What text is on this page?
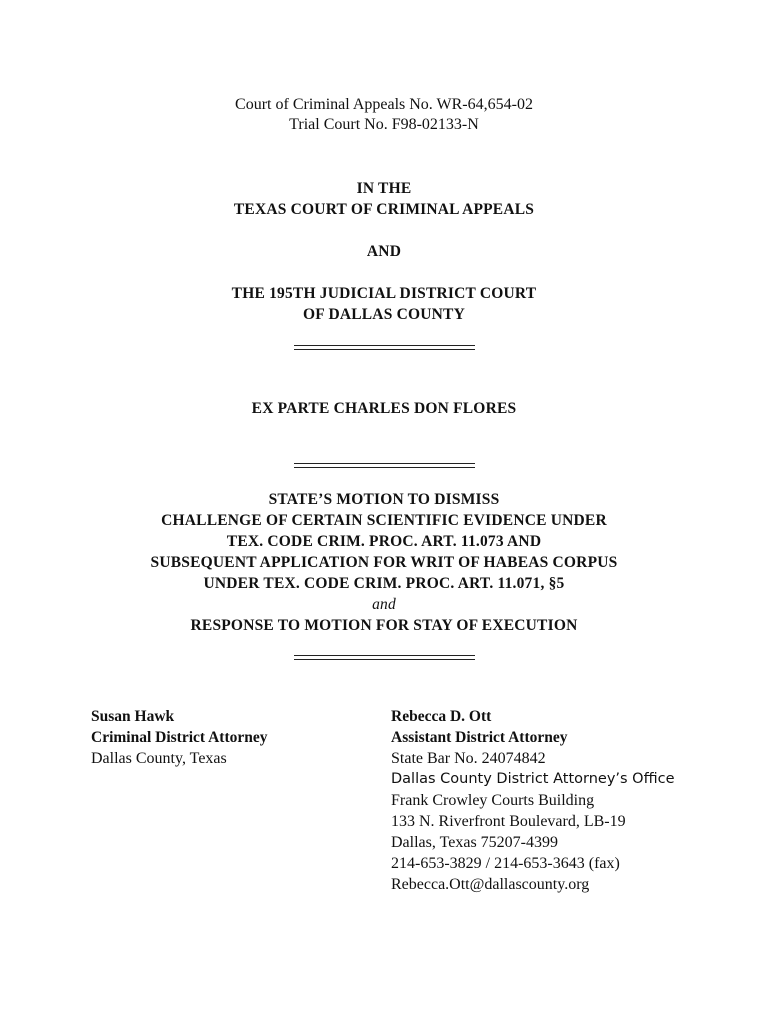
Court of Criminal Appeals No. WR-64,654-02
Trial Court No. F98-02133-N
IN THE
TEXAS COURT OF CRIMINAL APPEALS
AND
THE 195TH JUDICIAL DISTRICT COURT
OF DALLAS COUNTY
EX PARTE CHARLES DON FLORES
STATE’S MOTION TO DISMISS
CHALLENGE OF CERTAIN SCIENTIFIC EVIDENCE UNDER
TEX. CODE CRIM. PROC. ART. 11.073 AND
SUBSEQUENT APPLICATION FOR WRIT OF HABEAS CORPUS
UNDER TEX. CODE CRIM. PROC. ART. 11.071, §5
and
RESPONSE TO MOTION FOR STAY OF EXECUTION
Susan Hawk
Criminal District Attorney
Dallas County, Texas
Rebecca D. Ott
Assistant District Attorney
State Bar No. 24074842
Dallas County District Attorney’s Office
Frank Crowley Courts Building
133 N. Riverfront Boulevard, LB-19
Dallas, Texas 75207-4399
214-653-3829 / 214-653-3643 (fax)
Rebecca.Ott@dallascounty.org
